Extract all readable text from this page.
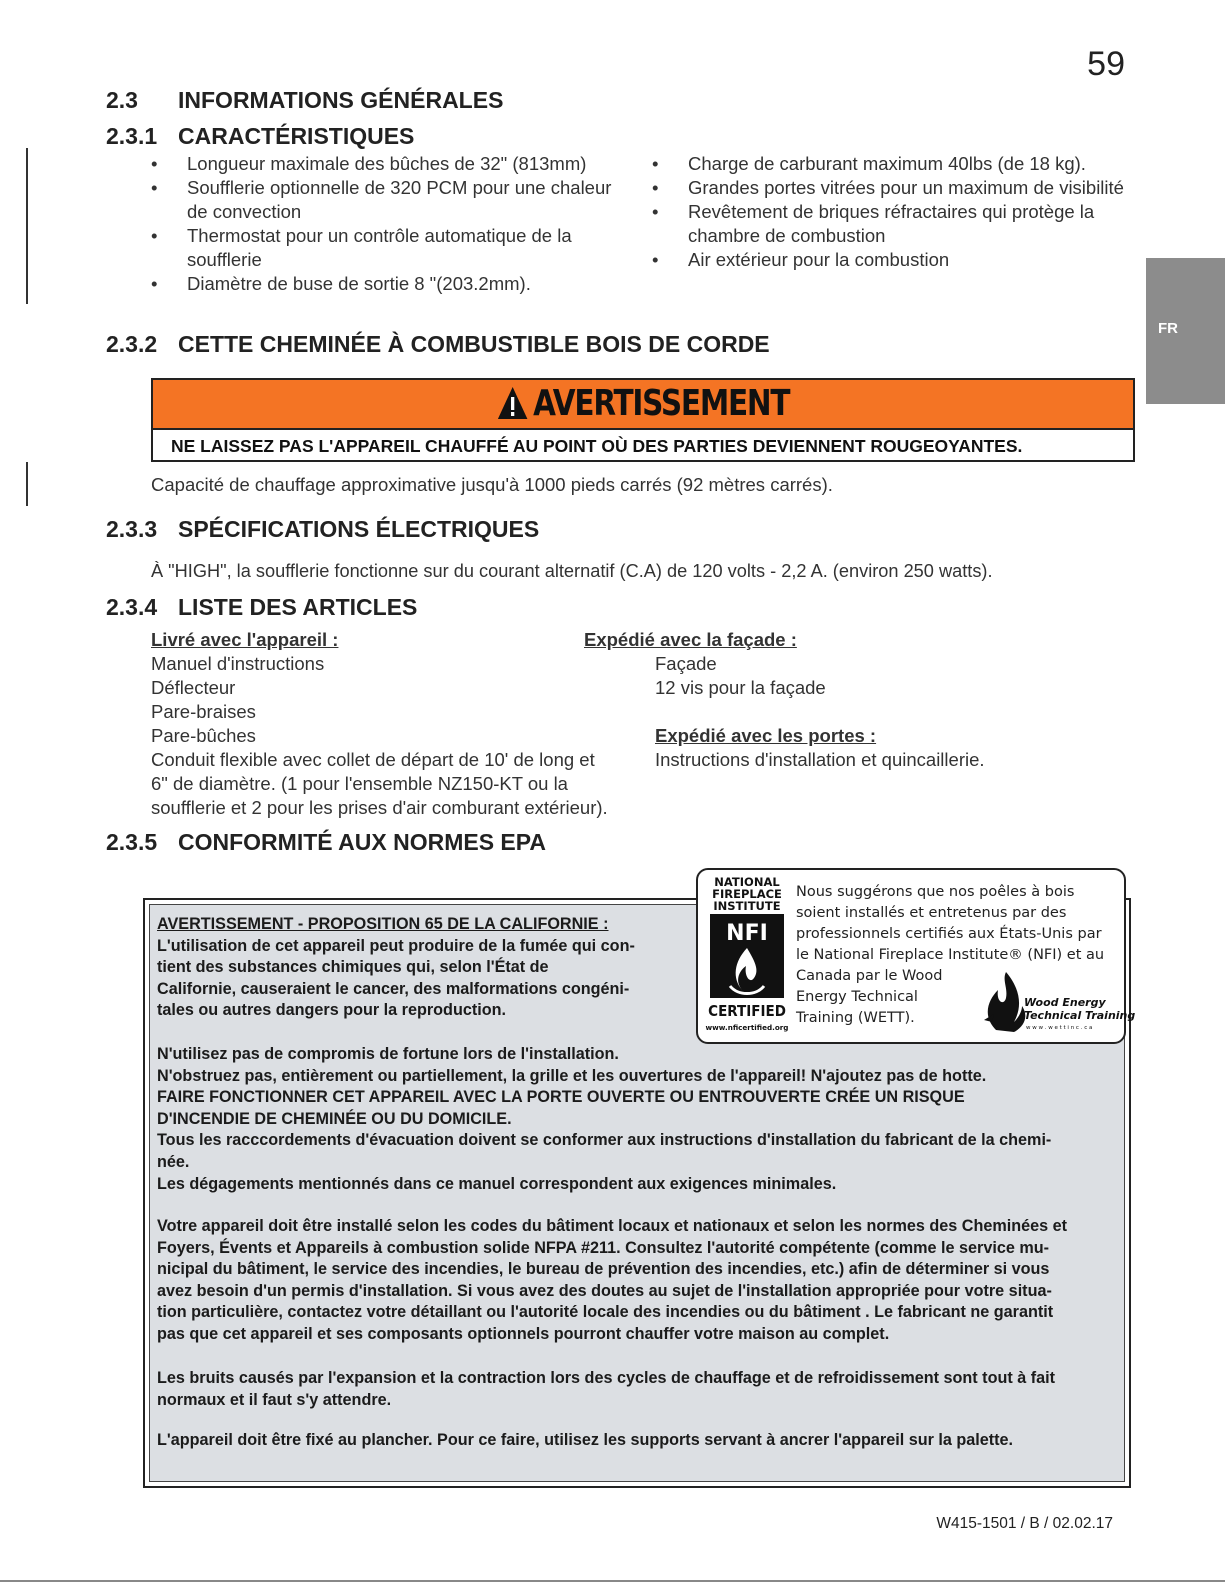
59
FR
2.3 INFORMATIONS GÉNÉRALES
2.3.1 CARACTÉRISTIQUES
• Longueur maximale des bûches de 32" (813mm)
• Soufflerie optionnelle de 320 PCM pour une chaleur de convection
• Thermostat pour un contrôle automatique de la soufflerie
• Diamètre de buse de sortie 8 "(203.2mm).
• Charge de carburant maximum 40lbs (de 18 kg).
• Grandes portes vitrées pour un maximum de visibilité
• Revêtement de briques réfractaires qui protège la chambre de combustion
• Air extérieur pour la combustion
2.3.2 CETTE CHEMINÉE À COMBUSTIBLE BOIS DE CORDE
AVERTISSEMENT
NE LAISSEZ PAS L'APPAREIL CHAUFFÉ AU POINT OÙ DES PARTIES DEVIENNENT ROUGEOYANTES.
Capacité de chauffage approximative jusqu'à 1000 pieds carrés (92 mètres carrés).
2.3.3 SPÉCIFICATIONS ÉLECTRIQUES
À "HIGH", la soufflerie fonctionne sur du courant alternatif (C.A) de 120 volts - 2,2 A. (environ 250 watts).
2.3.4 LISTE DES ARTICLES
Livré avec l'appareil :
Manuel d'instructions
Déflecteur
Pare-braises
Pare-bûches
Conduit flexible avec collet de départ de 10' de long et
6" de diamètre. (1 pour l'ensemble NZ150-KT ou la
soufflerie et 2 pour les prises d'air comburant extérieur).
Expédié avec la façade :
Façade
12 vis pour la façade
Expédié avec les portes :
Instructions d'installation et quincaillerie.
2.3.5 CONFORMITÉ AUX NORMES EPA
AVERTISSEMENT - PROPOSITION 65 DE LA CALIFORNIE :
L'utilisation de cet appareil peut produire de la fumée qui con-
tient des substances chimiques qui, selon l'État de
Californie, causeraient le cancer, des malformations congéni-
tales ou autres dangers pour la reproduction.
N'utilisez pas de compromis de fortune lors de l'installation.
N'obstruez pas, entièrement ou partiellement, la grille et les ouvertures de l'appareil! N'ajoutez pas de hotte.
FAIRE FONCTIONNER CET APPAREIL AVEC LA PORTE OUVERTE OU ENTROUVERTE CRÉE UN RISQUE
D'INCENDIE DE CHEMINÉE OU DU DOMICILE.
Tous les racccordements d'évacuation doivent se conformer aux instructions d'installation du fabricant de la chemi-
née.
Les dégagements mentionnés dans ce manuel correspondent aux exigences minimales.
Votre appareil doit être installé selon les codes du bâtiment locaux et nationaux et selon les normes des Cheminées et
Foyers, Évents et Appareils à combustion solide NFPA #211. Consultez l'autorité compétente (comme le service mu-
nicipal du bâtiment, le service des incendies, le bureau de prévention des incendies, etc.) afin de déterminer si vous
avez besoin d'un permis d'installation. Si vous avez des doutes au sujet de l'installation appropriée pour votre situa-
tion particulière, contactez votre détaillant ou l'autorité locale des incendies ou du bâtiment . Le fabricant ne garantit
pas que cet appareil et ses composants optionnels pourront chauffer votre maison au complet.
Les bruits causés par l'expansion et la contraction lors des cycles de chauffage et de refroidissement sont tout à fait
normaux et il faut s'y attendre.
L'appareil doit être fixé au plancher. Pour ce faire, utilisez les supports servant à ancrer l'appareil sur la palette.
NATIONAL
FIREPLACE
INSTITUTE
NFI
CERTIFIED
www.nficertified.org
Nous suggérons que nos poêles à bois
soient installés et entretenus par des
professionnels certifiés aux États-Unis par
le National Fireplace Institute® (NFI) et au
Canada par le Wood
Energy Technical
Training (WETT).
Wood Energy
Technical Training
w w w . w e t t i n c . c a
W415-1501 / B / 02.02.17
